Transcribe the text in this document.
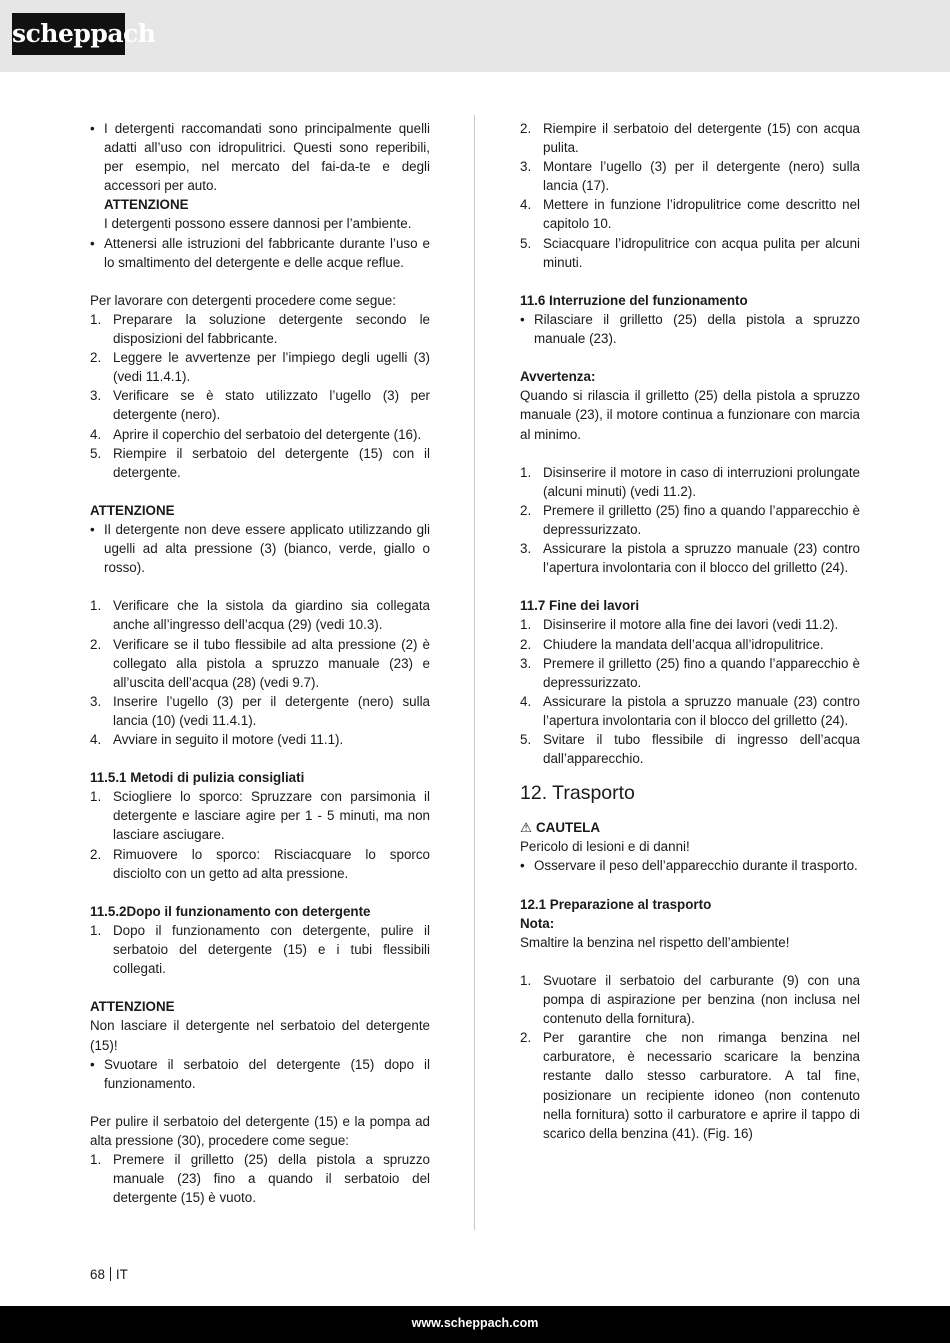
scheppach

• I detergenti raccomandati sono principalmente quelli adatti all’uso con idropulitrici. Questi sono reperibili, per esempio, nel mercato del fai-da-te e degli accessori per auto.

ATTENZIONE

I detergenti possono essere dannosi per l’ambiente.

• Attenersi alle istruzioni del fabbricante durante l’uso e lo smaltimento del detergente e delle acque reflue.

Per lavorare con detergenti procedere come segue:

1. Preparare la soluzione detergente secondo le disposizioni del fabbricante.
2. Leggere le avvertenze per l’impiego degli ugelli (3) (vedi 11.4.1).
3. Verificare se è stato utilizzato l’ugello (3) per detergente (nero).
4. Aprire il coperchio del serbatoio del detergente (16).
5. Riempire il serbatoio del detergente (15) con il detergente.

ATTENZIONE

• Il detergente non deve essere applicato utilizzando gli ugelli ad alta pressione (3) (bianco, verde, giallo o rosso).
1. Verificare che la sistola da giardino sia collegata anche all’ingresso dell’acqua (29) (vedi 10.3).
2. Verificare se il tubo flessibile ad alta pressione (2) è collegato alla pistola a spruzzo manuale (23) e all’uscita dell’acqua (28) (vedi 9.7).
3. Inserire l’ugello (3) per il detergente (nero) sulla lancia (10) (vedi 11.4.1).
4. Avviare in seguito il motore (vedi 11.1).

11.5.1 Metodi di pulizia consigliati

1. Sciogliere lo sporco: Spruzzare con parsimonia il detergente e lasciare agire per 1 - 5 minuti, ma non lasciare asciugare.
2. Rimuovere lo sporco: Risciacquare lo sporco disciolto con un getto ad alta pressione.

11.5.2Dopo il funzionamento con detergente

1. Dopo il funzionamento con detergente, pulire il serbatoio del detergente (15) e i tubi flessibili collegati.

ATTENZIONE

Non lasciare il detergente nel serbatoio del detergente (15)!

• Svuotare il serbatoio del detergente (15) dopo il funzionamento.

Per pulire il serbatoio del detergente (15) e la pompa ad alta pressione (30), procedere come segue:

1. Premere il grilletto (25) della pistola a spruzzo manuale (23) fino a quando il serbatoio del detergente (15) è vuoto.
2. Riempire il serbatoio del detergente (15) con acqua pulita.
3. Montare l’ugello (3) per il detergente (nero) sulla lancia (17).
4. Mettere in funzione l’idropulitrice come descritto nel capitolo 10.
5. Sciacquare l’idropulitrice con acqua pulita per alcuni minuti.

11.6 Interruzione del funzionamento

• Rilasciare il grilletto (25) della pistola a spruzzo manuale (23).

Avvertenza:

Quando si rilascia il grilletto (25) della pistola a spruzzo manuale (23), il motore continua a funzionare con marcia al minimo.

1. Disinserire il motore in caso di interruzioni prolungate (alcuni minuti) (vedi 11.2).
2. Premere il grilletto (25) fino a quando l’apparecchio è depressurizzato.
3. Assicurare la pistola a spruzzo manuale (23) contro l’apertura involontaria con il blocco del grilletto (24).

11.7 Fine dei lavori

1. Disinserire il motore alla fine dei lavori (vedi 11.2).
2. Chiudere la mandata dell’acqua all’idropulitrice.
3. Premere il grilletto (25) fino a quando l’apparecchio è depressurizzato.
4. Assicurare la pistola a spruzzo manuale (23) contro l’apertura involontaria con il blocco del grilletto (24).
5. Svitare il tubo flessibile di ingresso dell’acqua dall’apparecchio.
12. Trasporto

⚠ CAUTELA

Pericolo di lesioni e di danni!

• Osservare il peso dell’apparecchio durante il trasporto.

12.1 Preparazione al trasporto

Nota:

Smaltire la benzina nel rispetto dell’ambiente!

1. Svuotare il serbatoio del carburante (9) con una pompa di aspirazione per benzina (non inclusa nel contenuto della fornitura).
2. Per garantire che non rimanga benzina nel carburatore, è necessario scaricare la benzina restante dallo stesso carburatore. A tal fine, posizionare un recipiente idoneo (non contenuto nella fornitura) sotto il carburatore e aprire il tappo di scarico della benzina (41). (Fig. 16)
68 IT
www.scheppach.com
